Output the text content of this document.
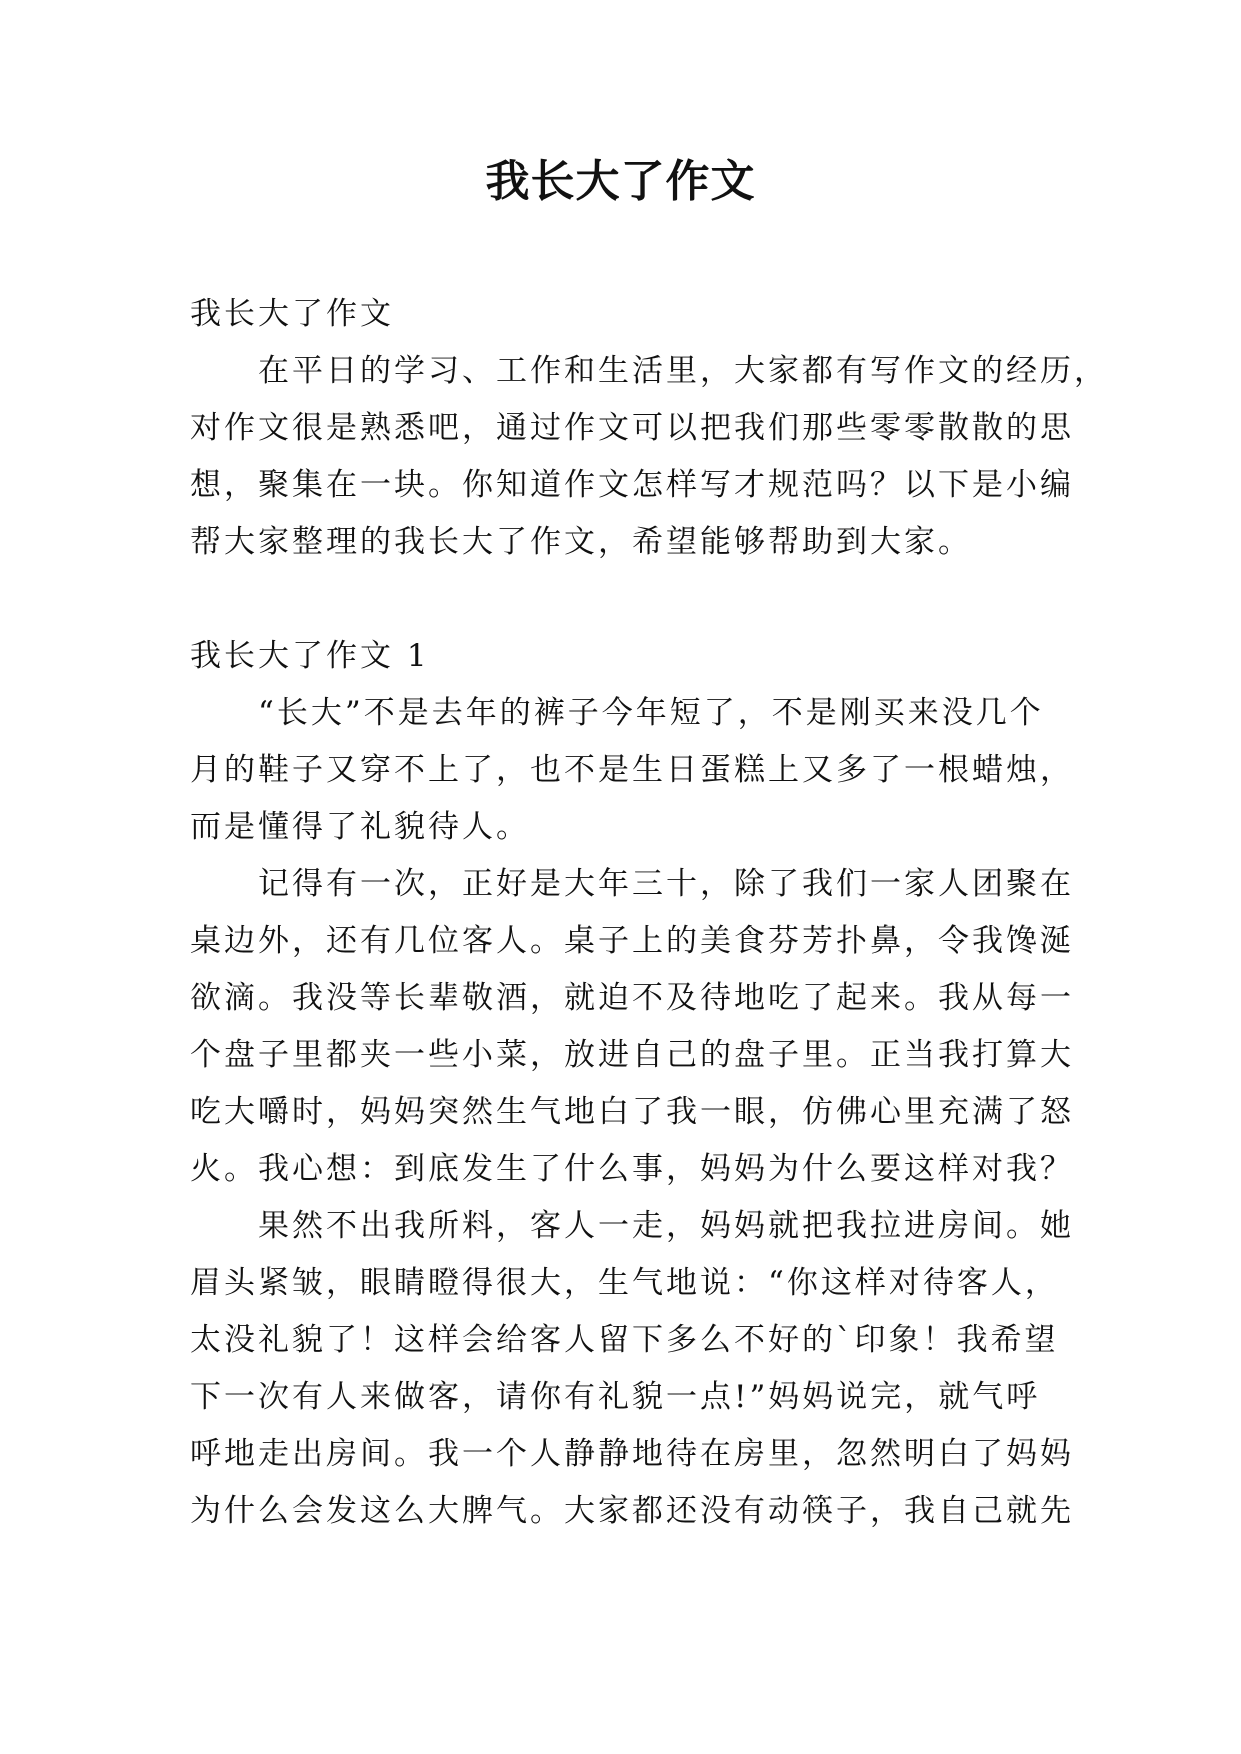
我长大了作文
我长大了作文
　　在平日的学习、工作和生活里，大家都有写作文的经历，
对作文很是熟悉吧，通过作文可以把我们那些零零散散的思
想，聚集在一块。你知道作文怎样写才规范吗？以下是小编
帮大家整理的我长大了作文，希望能够帮助到大家。
我长大了作文 1
　　“长大”不是去年的裤子今年短了，不是刚买来没几个
月的鞋子又穿不上了，也不是生日蛋糕上又多了一根蜡烛，
而是懂得了礼貌待人。
　　记得有一次，正好是大年三十，除了我们一家人团聚在
桌边外，还有几位客人。桌子上的美食芬芳扑鼻，令我馋涎
欲滴。我没等长辈敬酒，就迫不及待地吃了起来。我从每一
个盘子里都夹一些小菜，放进自己的盘子里。正当我打算大
吃大嚼时，妈妈突然生气地白了我一眼，仿佛心里充满了怒
火。我心想：到底发生了什么事，妈妈为什么要这样对我？
　　果然不出我所料，客人一走，妈妈就把我拉进房间。她
眉头紧皱，眼睛瞪得很大，生气地说：“你这样对待客人，
太没礼貌了！这样会给客人留下多么不好的`印象！我希望
下一次有人来做客，请你有礼貌一点!”妈妈说完，就气呼
呼地走出房间。我一个人静静地待在房里，忽然明白了妈妈
为什么会发这么大脾气。大家都还没有动筷子，我自己就先
